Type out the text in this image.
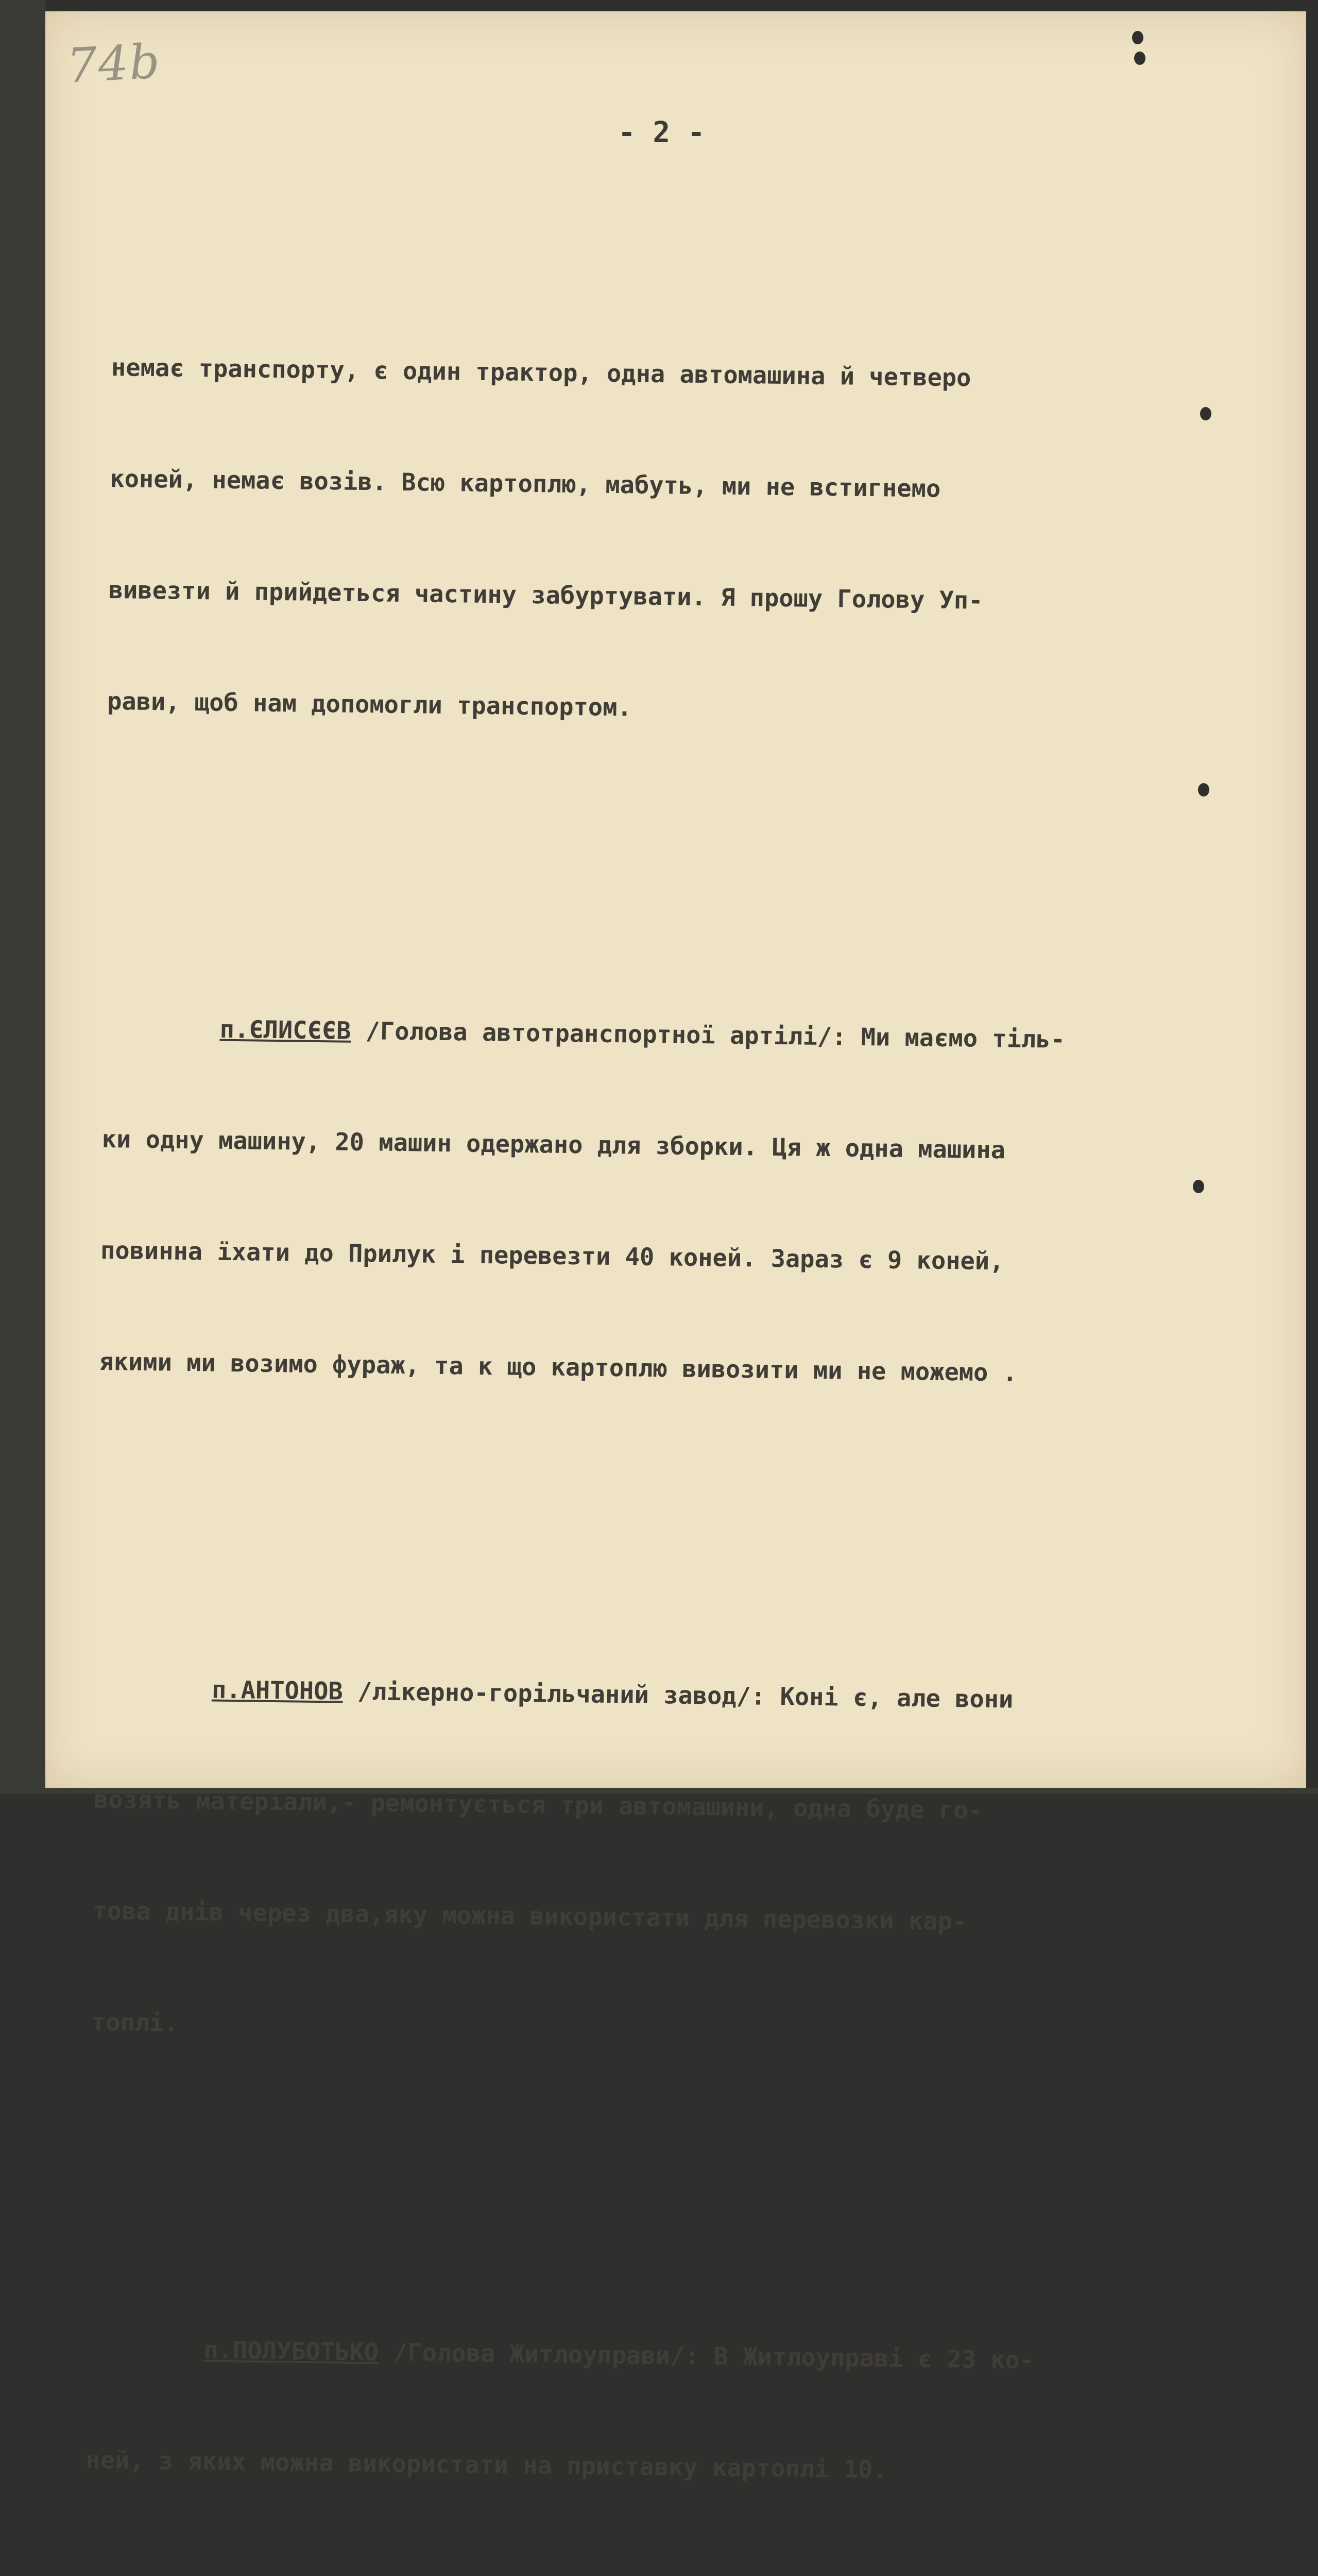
74b
- 2 -

немає транспорту, є один трактор, одна автомашина й четверо

коней, немає возів. Всю картоплю, мабуть, ми не встигнемо

вивезти й прийдеться частину забуртувати. Я прошу Голову Уп-

рави, щоб нам допомогли транспортом.

п.ЄЛИСЄЄВ /Голова автотранспортної артілі/: Ми маємо тіль-

ки одну машину, 20 машин одержано для зборки. Ця ж одна машина

повинна їхати до Прилук і перевезти 40 коней. Зараз є 9 коней,

якими ми возимо фураж, та к що картоплю вивозити ми не можемо .

п.АНТОНОВ /лікерно-горільчаний завод/: Коні є, але вони

возять матеріали,- ремонтується три автомашини, одна буде го-

това днів через два,яку можна використати для перевозки кар-

топлі.

п.ПОЛУБОТЬКО /Голова Житлоуправи/: В Житлоуправі є 23 ко-

ней, з яких можна використати на приставку картоплі 10.
